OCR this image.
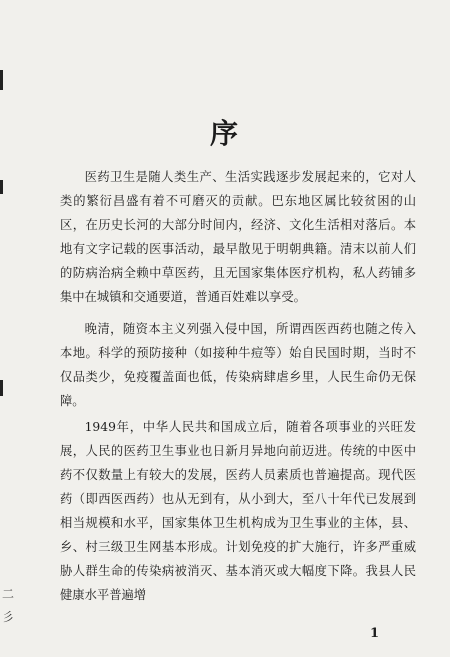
序

医药卫生是随人类生产、生活实践逐步发展起来的，它对人类的繁衍昌盛有着不可磨灭的贡献。巴东地区属比较贫困的山区，在历史长河的大部分时间内，经济、文化生活相对落后。本地有文字记载的医事活动，最早散见于明朝典籍。清末以前人们的防病治病全赖中草医药，且无国家集体医疗机构，私人药铺多集中在城镇和交通要道，普通百姓难以享受。

晚清，随资本主义列强入侵中国，所谓西医西药也随之传入本地。科学的预防接种（如接种牛痘等）始自民国时期，当时不仅品类少，免疫覆盖面也低，传染病肆虐乡里，人民生命仍无保障。

1949年，中华人民共和国成立后，随着各项事业的兴旺发展，人民的医药卫生事业也日新月异地向前迈进。传统的中医中药不仅数量上有较大的发展，医药人员素质也普遍提高。现代医药（即西医西药）也从无到有，从小到大，至八十年代已发展到相当规模和水平，国家集体卫生机构成为卫生事业的主体，县、乡、村三级卫生网基本形成。计划免疫的扩大施行，许多严重威胁人群生命的传染病被消灭、基本消灭或大幅度下降。我县人民健康水平普遍增

二
彡
1
